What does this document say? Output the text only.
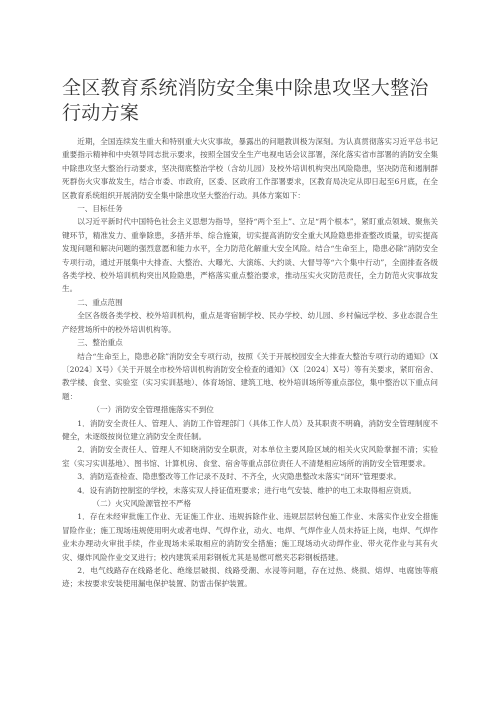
全区教育系统消防安全集中除患攻坚大整治行动方案

近期，全国连续发生重大和特别重大火灾事故，暴露出的问题教训极为深刻。为认真贯彻落实习近平总书记重要指示精神和中央领导同志批示要求，按照全国安全生产电视电话会议部署，深化落实省市部署的消防安全集中除患攻坚大整治行动要求，坚决彻底整治学校（含幼儿园）及校外培训机构突出风险隐患，坚决防范和遏制群死群伤火灾事故发生，结合市委、市政府，区委、区政府工作部署要求，区教育局决定从即日起至6月底，在全区教育系统组织开展消防安全集中除患攻坚大整治行动。具体方案如下：

一、目标任务

以习近平新时代中国特色社会主义思想为指导，坚持“两个至上”、立足“两个根本”，紧盯重点领域、聚焦关键环节，精准发力、重拳除患，多措并举、综合施策，切实提高消防安全重大风险隐患排查整改质量，切实提高发现问题和解决问题的强烈意愿和能力水平，全力防范化解重大安全风险。结合“生命至上，隐患必除”消防安全专项行动，通过开展集中大排查、大整治、大曝光、大演练、大约谈、大督导等“六个集中行动”，全面排查各级各类学校、校外培训机构突出风险隐患，严格落实重点整治要求，推动压实火灾防范责任，全力防范火灾事故发生。

二、重点范围

全区各级各类学校、校外培训机构，重点是寄宿制学校、民办学校、幼儿园、乡村偏远学校、多业态混合生产经营场所中的校外培训机构等。

三、整治重点

结合“生命至上，隐患必除”消防安全专项行动，按照《关于开展校园安全大排查大整治专项行动的通知》（X〔2024〕X号）《关于开展全市校外培训机构消防安全检查的通知》（X〔2024〕X号）等有关要求，紧盯宿舍、教学楼、食堂、实验室（实习实训基地）、体育场馆、建筑工地、校外培训场所等重点部位，集中整治以下重点问题：

（一）消防安全管理措施落实不到位

1．消防安全责任人、管理人、消防工作管理部门（具体工作人员）及其职责不明确，消防安全管理制度不健全，未逐级按岗位建立消防安全责任制。

2．消防安全责任人、管理人不知晓消防安全职责，对本单位主要风险区域的相关火灾风险掌握不清；实验室（实习实训基地）、图书馆、计算机房、食堂、宿舍等重点部位责任人不清楚相应场所的消防安全管理要求。

3．消防巡查检查、隐患整改等工作记录不及时、不齐全，火灾隐患整改未落实“闭环”管理要求。

4．设有消防控制室的学校，未落实双人持证值班要求；进行电气安装、维护的电工未取得相应资质。

（二）火灾风险源管控不严格

1．存在未经审批施工作业、无证施工作业、违规拆除作业、违规层层转包施工作业、未落实作业安全措施冒险作业；施工现场违规使用明火或者电焊、气焊作业，动火、电焊、气焊作业人员未持证上岗，电焊、气焊作业未办理动火审批手续，作业现场未采取相应的消防安全措施；施工现场动火动焊作业、带火花作业与其有火灾、爆炸风险作业交叉进行；校内建筑采用彩钢板尤其是易燃可燃夹芯彩钢板搭建。

2．电气线路存在线路老化、绝缘层破损、线路受潮、水浸等问题，存在过热、烧损、熔焊、电腐蚀等痕迹；未按要求安装使用漏电保护装置、防雷击保护装置。
